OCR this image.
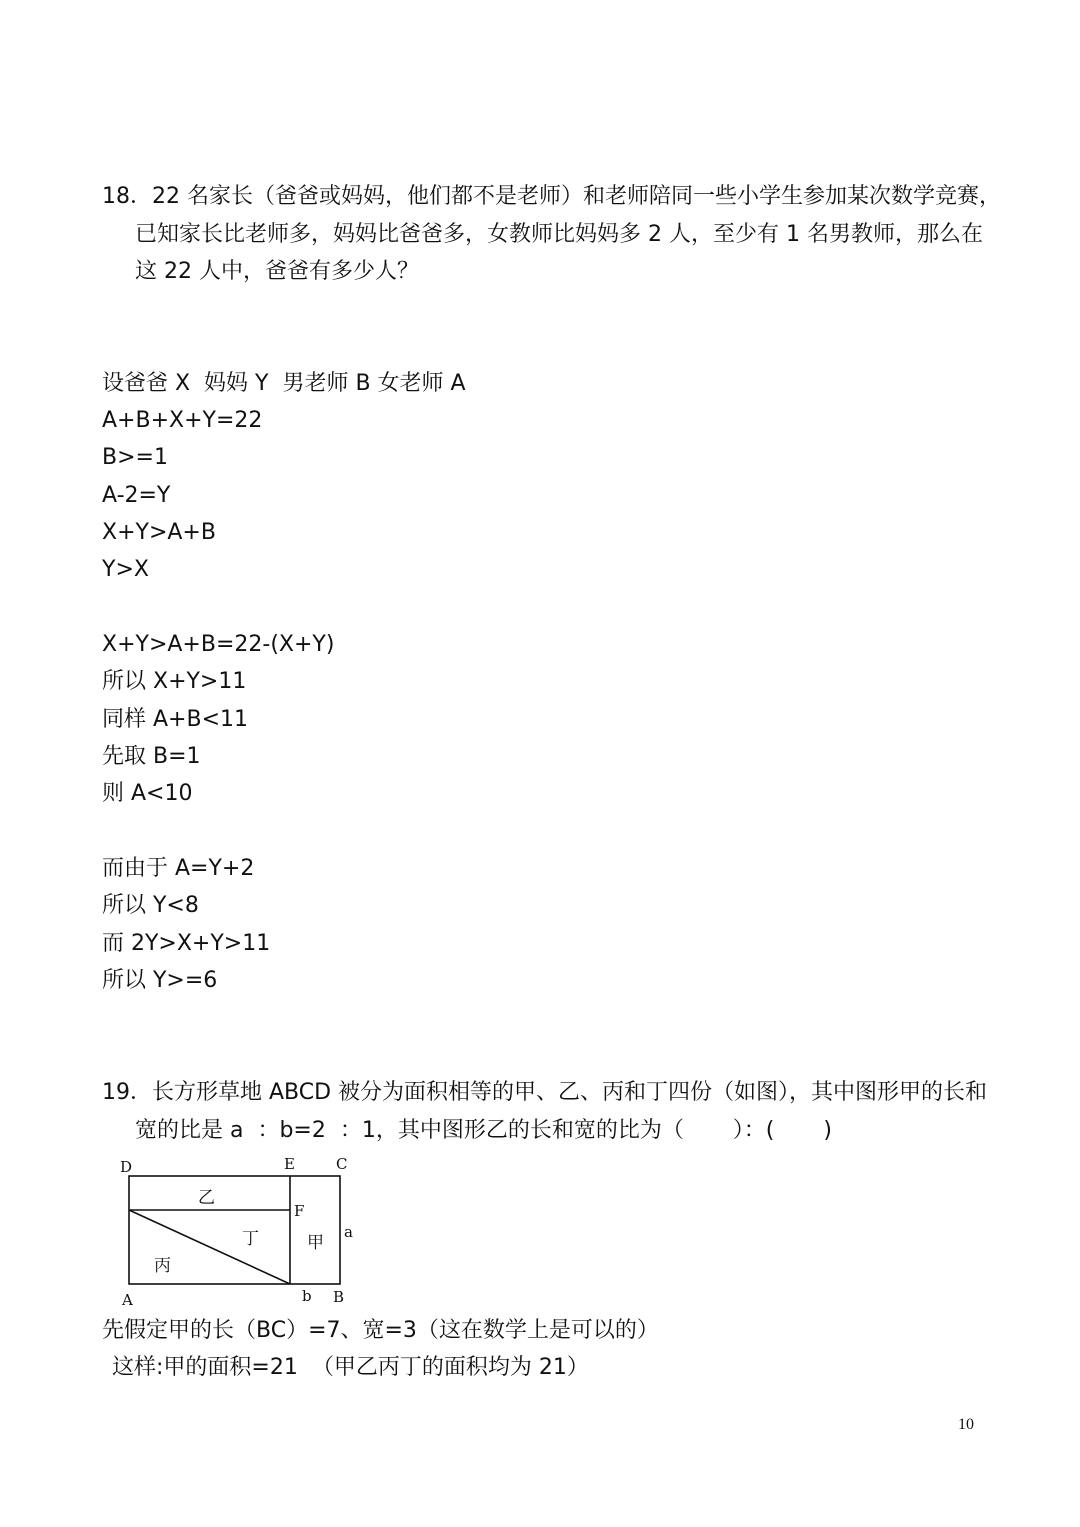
18．22 名家长（爸爸或妈妈，他们都不是老师）和老师陪同一些小学生参加某次数学竞赛，
已知家长比老师多，妈妈比爸爸多，女教师比妈妈多 2 人，至少有 1 名男教师，那么在
这 22 人中，爸爸有多少人？
设爸爸 X  妈妈 Y  男老师 B 女老师 A
A+B+X+Y=22
B>=1
A-2=Y
X+Y>A+B
Y>X
X+Y>A+B=22-(X+Y)
所以 X+Y>11
同样 A+B<11
先取 B=1
则 A<10
而由于 A=Y+2
所以 Y<8
而 2Y>X+Y>11
所以 Y>=6
19．长方形草地 ABCD 被分为面积相等的甲、乙、丙和丁四份（如图），其中图形甲的长和
宽的比是 a  ：b=2  ：1，其中图形乙的长和宽的比为（       ）：(       )
D	E	C
F
a
A	b B
乙
丁	甲
丙
先假定甲的长（BC）=7、宽=3（这在数学上是可以的）
这样:甲的面积=21  （甲乙丙丁的面积均为 21）
10
